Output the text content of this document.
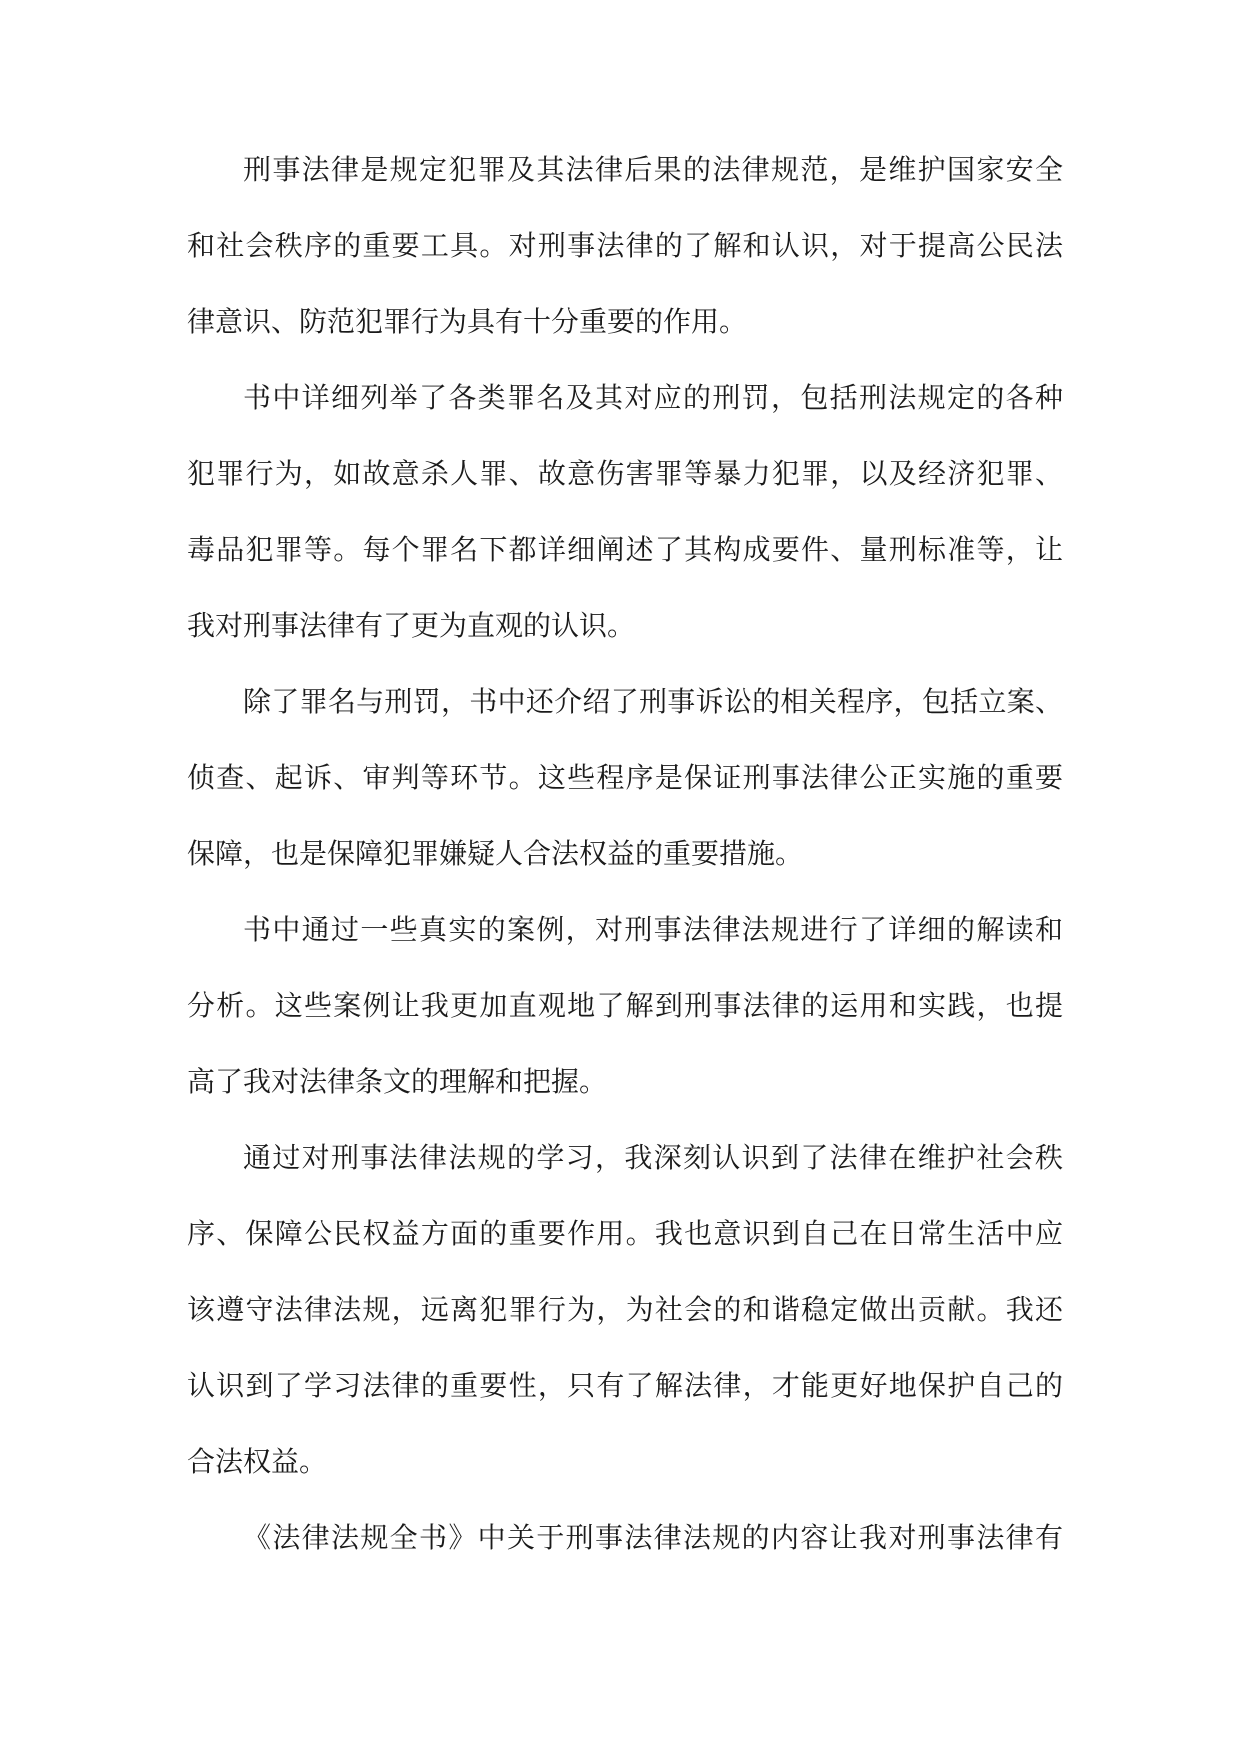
刑事法律是规定犯罪及其法律后果的法律规范，是维护国家安全
和社会秩序的重要工具。对刑事法律的了解和认识，对于提高公民法
律意识、防范犯罪行为具有十分重要的作用。
书中详细列举了各类罪名及其对应的刑罚，包括刑法规定的各种
犯罪行为，如故意杀人罪、故意伤害罪等暴力犯罪，以及经济犯罪、
毒品犯罪等。每个罪名下都详细阐述了其构成要件、量刑标准等，让
我对刑事法律有了更为直观的认识。
除了罪名与刑罚，书中还介绍了刑事诉讼的相关程序，包括立案、
侦查、起诉、审判等环节。这些程序是保证刑事法律公正实施的重要
保障，也是保障犯罪嫌疑人合法权益的重要措施。
书中通过一些真实的案例，对刑事法律法规进行了详细的解读和
分析。这些案例让我更加直观地了解到刑事法律的运用和实践，也提
高了我对法律条文的理解和把握。
通过对刑事法律法规的学习，我深刻认识到了法律在维护社会秩
序、保障公民权益方面的重要作用。我也意识到自己在日常生活中应
该遵守法律法规，远离犯罪行为，为社会的和谐稳定做出贡献。我还
认识到了学习法律的重要性，只有了解法律，才能更好地保护自己的
合法权益。
《法律法规全书》中关于刑事法律法规的内容让我对刑事法律有
